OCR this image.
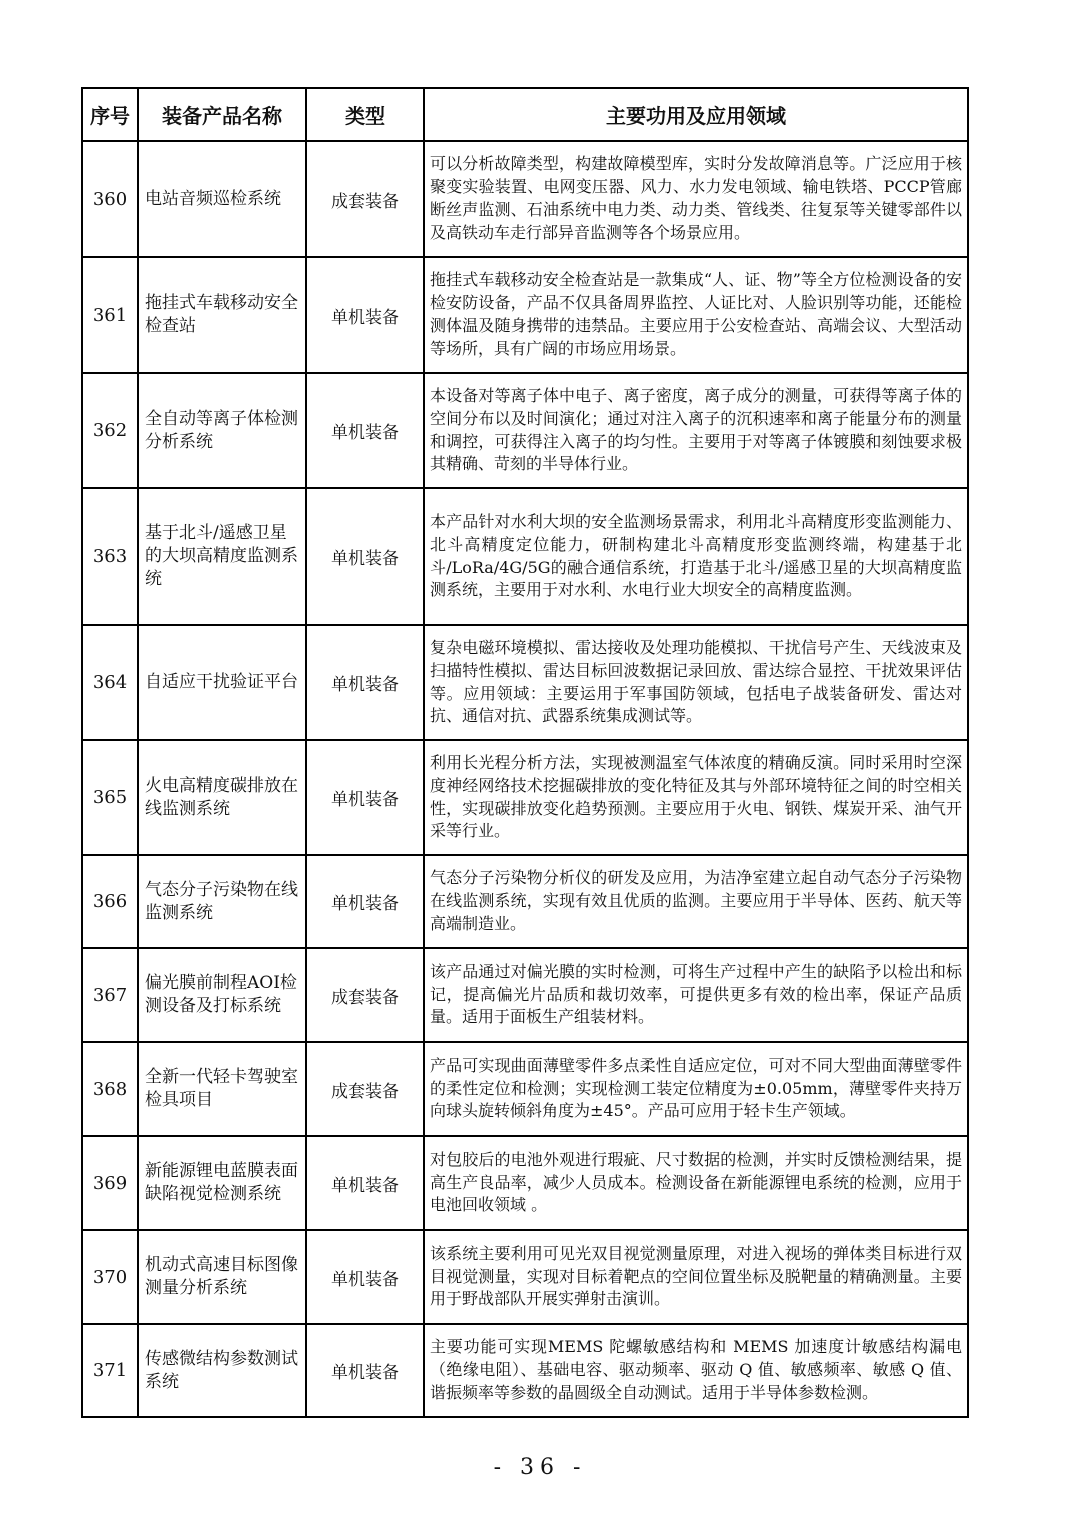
序号	装备产品名称	类型	主要功用及应用领域
360	电站音频巡检系统	成套装备	可以分析故障类型，构建故障模型库，实时分发故障消息等。广泛应用于核聚变实验装置、电网变压器、风力、水力发电领域、输电铁塔、PCCP管廊断丝声监测、石油系统中电力类、动力类、管线类、往复泵等关键零部件以及高铁动车走行部异音监测等各个场景应用。
361	拖挂式车载移动安全检查站	单机装备	拖挂式车载移动安全检查站是一款集成“人、证、物”等全方位检测设备的安检安防设备，产品不仅具备周界监控、人证比对、人脸识别等功能，还能检测体温及随身携带的违禁品。主要应用于公安检查站、高端会议、大型活动等场所，具有广阔的市场应用场景。
362	全自动等离子体检测分析系统	单机装备	本设备对等离子体中电子、离子密度，离子成分的测量，可获得等离子体的空间分布以及时间演化；通过对注入离子的沉积速率和离子能量分布的测量和调控，可获得注入离子的均匀性。主要用于对等离子体镀膜和刻蚀要求极其精确、苛刻的半导体行业。
363	基于北斗/遥感卫星的大坝高精度监测系统	单机装备	本产品针对水利大坝的安全监测场景需求，利用北斗高精度形变监测能力、北斗高精度定位能力，研制构建北斗高精度形变监测终端，构建基于北斗/LoRa/4G/5G的融合通信系统，打造基于北斗/遥感卫星的大坝高精度监测系统，主要用于对水利、水电行业大坝安全的高精度监测。
364	自适应干扰验证平台	单机装备	复杂电磁环境模拟、雷达接收及处理功能模拟、干扰信号产生、天线波束及扫描特性模拟、雷达目标回波数据记录回放、雷达综合显控、干扰效果评估等。应用领域：主要运用于军事国防领域，包括电子战装备研发、雷达对抗、通信对抗、武器系统集成测试等。
365	火电高精度碳排放在线监测系统	单机装备	利用长光程分析方法，实现被测温室气体浓度的精确反演。同时采用时空深度神经网络技术挖掘碳排放的变化特征及其与外部环境特征之间的时空相关性，实现碳排放变化趋势预测。主要应用于火电、钢铁、煤炭开采、油气开采等行业。
366	气态分子污染物在线监测系统	单机装备	气态分子污染物分析仪的研发及应用，为洁净室建立起自动气态分子污染物在线监测系统，实现有效且优质的监测。主要应用于半导体、医药、航天等高端制造业。
367	偏光膜前制程AOI检测设备及打标系统	成套装备	该产品通过对偏光膜的实时检测，可将生产过程中产生的缺陷予以检出和标记，提高偏光片品质和裁切效率，可提供更多有效的检出率，保证产品质量。适用于面板生产组装材料。
368	全新一代轻卡驾驶室检具项目	成套装备	产品可实现曲面薄壁零件多点柔性自适应定位，可对不同大型曲面薄壁零件的柔性定位和检测；实现检测工装定位精度为±0.05mm，薄壁零件夹持万向球头旋转倾斜角度为±45°。产品可应用于轻卡生产领域。
369	新能源锂电蓝膜表面缺陷视觉检测系统	单机装备	对包胶后的电池外观进行瑕疵、尺寸数据的检测，并实时反馈检测结果，提高生产良品率，减少人员成本。检测设备在新能源锂电系统的检测，应用于电池回收领域 。
370	机动式高速目标图像测量分析系统	单机装备	该系统主要利用可见光双目视觉测量原理，对进入视场的弹体类目标进行双目视觉测量，实现对目标着靶点的空间位置坐标及脱靶量的精确测量。主要用于野战部队开展实弹射击演训。
371	传感微结构参数测试系统	单机装备	主要功能可实现MEMS 陀螺敏感结构和 MEMS 加速度计敏感结构漏电（绝缘电阻）、基础电容、驱动频率、驱动 Q 值、敏感频率、敏感 Q 值、谐振频率等参数的晶圆级全自动测试。适用于半导体参数检测。
- 36 -
